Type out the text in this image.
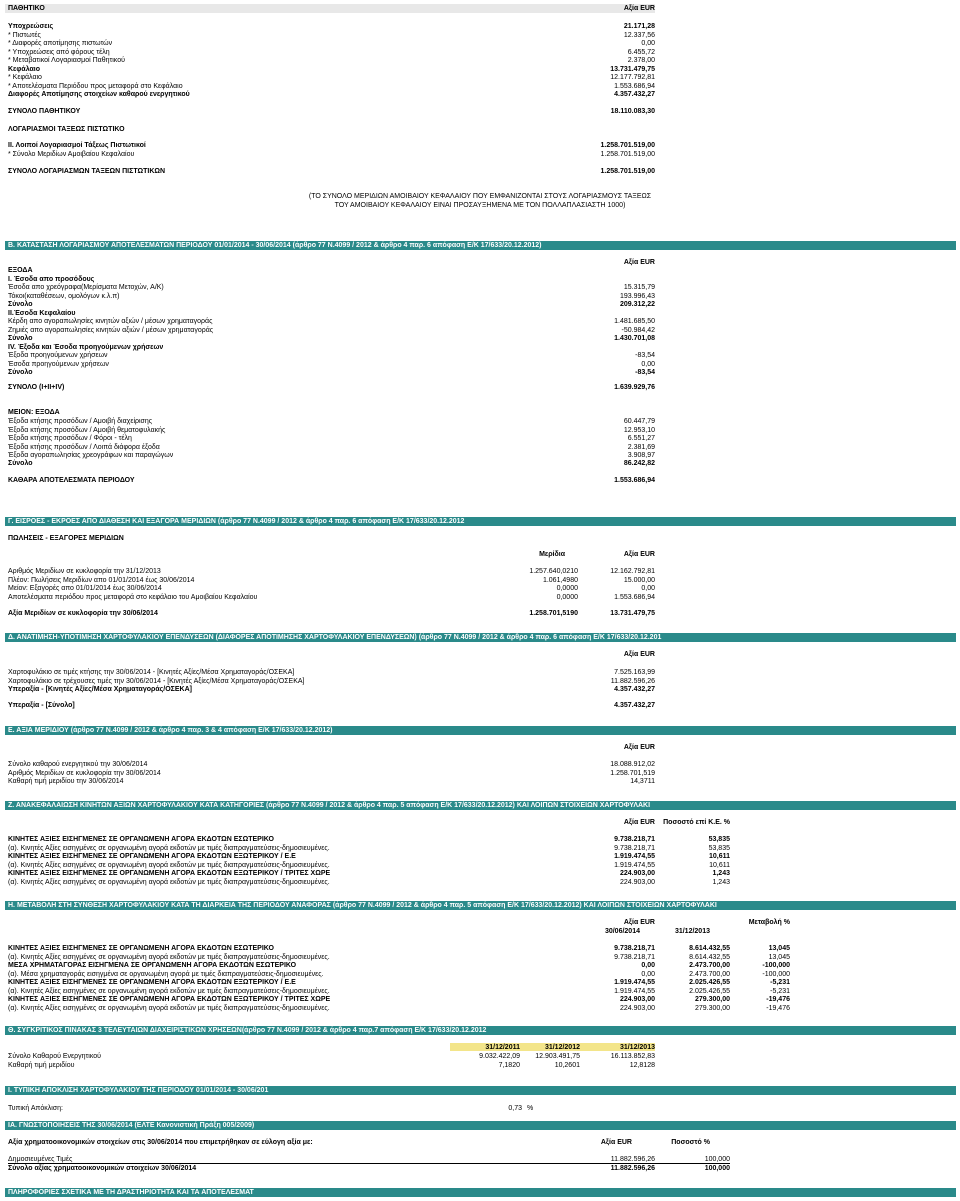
ΠΑΘΗΤΙΚΟ	Αξία EUR
Υποχρεώσεις	21.171,28
* Πιστωτές	12.337,56
* Διαφορές αποτίμησης πιστωτών	0,00
* Υποχρεώσεις από φόρους τέλη	6.455,72
* Μεταβατικοί Λογαριασμοί Παθητικού	2.378,00
Κεφάλαιο	13.731.479,75
* Κεφάλαιο	12.177.792,81
* Αποτελέσματα Περιόδου προς μεταφορά στο Κεφάλαιο	1.553.686,94
Διαφορές Αποτίμησης στοιχείων καθαρού ενεργητικού	4.357.432,27
ΣΥΝΟΛΟ ΠΑΘΗΤΙΚΟΥ	18.110.083,30
ΛΟΓΑΡΙΑΣΜΟΙ ΤΑΞΕΩΣ ΠΙΣΤΩΤΙΚΟ
ΙΙ. Λοιποί Λογαριασμοί Τάξεως Πιστωτικοί	1.258.701.519,00
* Σύνολο Μεριδίων Αμοιβαίου Κεφαλαίου	1.258.701.519,00
ΣΥΝΟΛΟ ΛΟΓΑΡΙΑΣΜΩΝ ΤΑΞΕΩΝ ΠΙΣΤΩΤΙΚΩΝ	1.258.701.519,00
(ΤΟ ΣΥΝΟΛΟ ΜΕΡΙΔΙΩΝ ΑΜΟΙΒΑΙΟΥ ΚΕΦΑΛΑΙΟΥ ΠΟΥ ΕΜΦΑΝΙΖΟΝΤΑΙ ΣΤΟΥΣ ΛΟΓΑΡΙΑΣΜΟΥΣ ΤΑΞΕΩΣ
ΤΟΥ ΑΜΟΙΒΑΙΟΥ ΚΕΦΑΛΑΙΟΥ ΕΙΝΑΙ ΠΡΟΣΑΥΞΗΜΕΝΑ ΜΕ ΤΟΝ ΠΟΛΛΑΠΛΑΣΙΑΣΤΗ 1000)
Β. ΚΑΤΑΣΤΑΣΗ ΛΟΓΑΡΙΑΣΜΟΥ ΑΠΟΤΕΛΕΣΜΑΤΩΝ ΠΕΡΙΟΔΟΥ 01/01/2014 - 30/06/2014 (άρθρο 77 Ν.4099 / 2012 & άρθρο 4 παρ. 6 απόφαση Ε/Κ 17/633/20.12.2012)
Αξία EUR
ΕΞΟΔΑ
Ι. Έσοδα απο προσόδους
Έσοδα απο χρεόγραφα(Μερίσματα Μετοχών, Α/Κ)	15.315,79
Τόκοι(καταθέσεων, ομολόγων κ.λ.π)	193.996,43
Σύνολο	209.312,22
ΙΙ.Έσοδα Κεφαλαίου
Κέρδη απο αγοραπωλησίες κινητών αξιών / μέσων χρηματαγοράς	1.481.685,50
Ζημιές απο αγοραπωλησίες κινητών αξιών / μέσων χρηματαγοράς	-50.984,42
Σύνολο	1.430.701,08
ΙV. Έξοδα και Έσοδα προηγούμενων χρήσεων
Έξοδα προηγούμενων χρήσεων	-83,54
Έσοδα προηγούμενων χρήσεων	0,00
Σύνολο	-83,54
ΣΥΝΟΛΟ (Ι+ΙΙ+ΙV)	1.639.929,76
ΜΕΙΟΝ: ΕΞΟΔΑ
Έξοδα κτήσης προσόδων / Αμοιβή διαχείρισης	60.447,79
Έξοδα κτήσης προσόδων / Αμοιβή θεματοφυλακής	12.953,10
Έξοδα κτήσης προσόδων / Φόροι - τέλη	6.551,27
Έξοδα κτήσης προσόδων / Λοιπά διάφορα έξοδα	2.381,69
Έξοδα αγοραπωλησίας χρεογράφων και παραγώγων	3.908,97
Σύνολο	86.242,82
ΚΑΘΑΡΑ ΑΠΟΤΕΛΕΣΜΑΤΑ ΠΕΡΙΟΔΟΥ	1.553.686,94
Γ. ΕΙΣΡΟΕΣ - ΕΚΡΟΕΣ ΑΠΟ ΔΙΑΘΕΣΗ ΚΑΙ ΕΞΑΓΟΡΑ ΜΕΡΙΔΙΩΝ (άρθρο 77 Ν.4099 / 2012 & άρθρο 4 παρ. 6 απόφαση Ε/Κ 17/633/20.12.2012
ΠΩΛΗΣΕΙΣ - ΕΞΑΓΟΡΕΣ ΜΕΡΙΔΙΩΝ
Μερίδια	Αξία EUR
Αριθμός Μεριδίων σε κυκλοφορία την 31/12/2013	1.257.640,0210	12.162.792,81
Πλέον: Πωλήσεις Μεριδίων απο 01/01/2014 έως 30/06/2014	1.061,4980	15.000,00
Μείον: Εξαγορές απο 01/01/2014 έως 30/06/2014	0,0000	0,00
Αποτελέσματα περιόδου προς μεταφορά στο κεφάλαιο του Αμοιβαίου Κεφαλαίου	0,0000	1.553.686,94
Αξία Μεριδίων σε κυκλοφορία την 30/06/2014	1.258.701,5190	13.731.479,75
Δ. ΑΝΑΤΙΜΗΣΗ-ΥΠΟΤΙΜΗΣΗ ΧΑΡΤΟΦΥΛΑΚΙΟΥ ΕΠΕΝΔΥΣΕΩΝ (ΔΙΑΦΟΡΕΣ ΑΠΟΤΙΜΗΣΗΣ ΧΑΡΤΟΦΥΛΑΚΙΟΥ ΕΠΕΝΔΥΣΕΩΝ) (άρθρο 77 Ν.4099 / 2012 & άρθρο 4 παρ. 6 απόφαση Ε/Κ 17/633/20.12.201
Αξία EUR
Χαρτοφυλάκιο σε τιμές κτήσης την 30/06/2014 - [Κινητές Αξίες/Μέσα Χρηματαγοράς/ΟΣΕΚΑ]	7.525.163,99
Χαρτοφυλάκιο σε τρέχουσες τιμές την 30/06/2014 - [Κινητές Αξίες/Μέσα Χρηματαγοράς/ΟΣΕΚΑ]	11.882.596,26
Υπεραξία - [Κινητές Αξίες/Μέσα Χρηματαγοράς/ΟΣΕΚΑ]	4.357.432,27
Υπεραξία - [Σύνολο]	4.357.432,27
Ε. ΑΞΙΑ ΜΕΡΙΔΙΟΥ (άρθρο 77 Ν.4099 / 2012 & άρθρο 4 παρ. 3 & 4 απόφαση Ε/Κ 17/633/20.12.2012)
Αξία EUR
Σύνολο καθαρού ενεργητικού την 30/06/2014	18.088.912,02
Αριθμός Μεριδίων σε κυκλοφορία την 30/06/2014	1.258.701,519
Καθαρή τιμή μεριδίου την 30/06/2014	14,3711
Ζ. ΑΝΑΚΕΦΑΛΑΙΩΣΗ ΚΙΝΗΤΩΝ ΑΞΙΩΝ ΧΑΡΤΟΦΥΛΑΚΙΟΥ ΚΑΤΑ ΚΑΤΗΓΟΡΙΕΣ (άρθρο 77 Ν.4099 / 2012 & άρθρο 4 παρ. 5 απόφαση Ε/Κ 17/633/20.12.2012) ΚΑΙ ΛΟΙΠΩΝ ΣΤΟΙΧΕΙΩΝ ΧΑΡΤΟΦΥΛΑΚΙ
Αξία EUR	Ποσοστό επί Κ.Ε. %
ΚΙΝΗΤΕΣ ΑΞΙΕΣ ΕΙΣΗΓΜΕΝΕΣ ΣΕ ΟΡΓΑΝΩΜΕΝΗ ΑΓΟΡΑ ΕΚΔΟΤΩΝ ΕΣΩΤΕΡΙΚΟ	9.738.218,71	53,835
(α). Κινητές Αξίες εισηγμένες σε οργανωμένη αγορά εκδοτών με τιμές διαπραγματεύσεις-δημοσιευμένες.	9.738.218,71	53,835
ΚΙΝΗΤΕΣ ΑΞΙΕΣ ΕΙΣΗΓΜΕΝΕΣ ΣΕ ΟΡΓΑΝΩΜΕΝΗ ΑΓΟΡΑ ΕΚΔΟΤΩΝ ΕΞΩΤΕΡΙΚΟΥ / Ε.Ε	1.919.474,55	10,611
(α). Κινητές Αξίες εισηγμένες σε οργανωμένη αγορά εκδοτών με τιμές διαπραγματεύσεις-δημοσιευμένες.	1.919.474,55	10,611
ΚΙΝΗΤΕΣ ΑΞΙΕΣ ΕΙΣΗΓΜΕΝΕΣ ΣΕ ΟΡΓΑΝΩΜΕΝΗ ΑΓΟΡΑ ΕΚΔΟΤΩΝ ΕΞΩΤΕΡΙΚΟΥ / ΤΡΙΤΕΣ ΧΩΡΕ	224.903,00	1,243
(α). Κινητές Αξίες εισηγμένες σε οργανωμένη αγορά εκδοτών με τιμές διαπραγματεύσεις-δημοσιευμένες.	224.903,00	1,243
Η. ΜΕΤΑΒΟΛΗ ΣΤΗ ΣΥΝΘΕΣΗ ΧΑΡΤΟΦΥΛΑΚΙΟΥ ΚΑΤΑ ΤΗ ΔΙΑΡΚΕΙΑ ΤΗΣ ΠΕΡΙΟΔΟΥ ΑΝΑΦΟΡΑΣ (άρθρο 77 Ν.4099 / 2012 & άρθρο 4 παρ. 5 απόφαση Ε/Κ 17/633/20.12.2012) ΚΑΙ ΛΟΙΠΩΝ ΣΤΟΙΧΕΙΩΝ ΧΑΡΤΟΦΥΛΑΚΙ
Αξία EUR	Μεταβολή %
30/06/2014	31/12/2013
ΚΙΝΗΤΕΣ ΑΞΙΕΣ ΕΙΣΗΓΜΕΝΕΣ ΣΕ ΟΡΓΑΝΩΜΕΝΗ ΑΓΟΡΑ ΕΚΔΟΤΩΝ ΕΣΩΤΕΡΙΚΟ	9.738.218,71	8.614.432,55	13,045
(α). Κινητές Αξίες εισηγμένες σε οργανωμένη αγορά εκδοτών με τιμές διαπραγματεύσεις-δημοσιευμένες.	9.738.218,71	8.614.432,55	13,045
ΜΕΣΑ ΧΡΗΜΑΤΑΓΟΡΑΣ ΕΙΣΗΓΜΕΝΑ ΣΕ ΟΡΓΑΝΩΜΕΝΗ ΑΓΟΡΑ ΕΚΔΟΤΩΝ ΕΣΩΤΕΡΙΚΟ	0,00	2.473.700,00	-100,000
(α). Μέσα χρηματαγοράς εισηγμένα σε οργανωμένη αγορά με τιμές διαπραγματεύσεις-δημοσιευμένες.	0,00	2.473.700,00	-100,000
ΚΙΝΗΤΕΣ ΑΞΙΕΣ ΕΙΣΗΓΜΕΝΕΣ ΣΕ ΟΡΓΑΝΩΜΕΝΗ ΑΓΟΡΑ ΕΚΔΟΤΩΝ ΕΞΩΤΕΡΙΚΟΥ / Ε.Ε	1.919.474,55	2.025.426,55	-5,231
(α). Κινητές Αξίες εισηγμένες σε οργανωμένη αγορά εκδοτών με τιμές διαπραγματεύσεις-δημοσιευμένες.	1.919.474,55	2.025.426,55	-5,231
ΚΙΝΗΤΕΣ ΑΞΙΕΣ ΕΙΣΗΓΜΕΝΕΣ ΣΕ ΟΡΓΑΝΩΜΕΝΗ ΑΓΟΡΑ ΕΚΔΟΤΩΝ ΕΞΩΤΕΡΙΚΟΥ / ΤΡΙΤΕΣ ΧΩΡΕ	224.903,00	279.300,00	-19,476
(α). Κινητές Αξίες εισηγμένες σε οργανωμένη αγορά εκδοτών με τιμές διαπραγματεύσεις-δημοσιευμένες.	224.903,00	279.300,00	-19,476
Θ. ΣΥΓΚΡΙΤΙΚΟΣ ΠΙΝΑΚΑΣ 3 ΤΕΛΕΥΤΑΙΩΝ ΔΙΑΧΕΙΡΙΣΤΙΚΩΝ ΧΡΗΣΕΩΝ(άρθρο 77 Ν.4099 / 2012 & άρθρο 4 παρ.7 απόφαση Ε/Κ 17/633/20.12.2012
31/12/2011	31/12/2012	31/12/2013
Σύνολο Καθαρού Ενεργητικού	9.032.422,09	12.903.491,75	16.113.852,83
Καθαρή τιμή μεριδίου	7,1820	10,2601	12,8128
Ι. ΤΥΠΙΚΗ ΑΠΟΚΛΙΣΗ ΧΑΡΤΟΦΥΛΑΚΙΟΥ ΤΗΣ ΠΕΡΙΟΔΟΥ 01/01/2014 - 30/06/201
Τυπική Απόκλιση:	0,73 %
ΙΑ. ΓΝΩΣΤΟΠΟΙΗΣΕΙΣ ΤΗΣ 30/06/2014 (ΕΛΤΕ Κανονιστική Πράξη 005/2009)
Αξία χρηματοοικονομικών στοιχείων στις 30/06/2014 που επιμετρήθηκαν σε εύλογη αξία με:	Αξία EUR	Ποσοστό %
Δημοσιευμένες Τιμές	11.882.596,26	100,000
Σύνολο αξίας χρηματοοικονομικών στοιχείων 30/06/2014	11.882.596,26	100,000
ΠΛΗΡΟΦΟΡΙΕΣ ΣΧΕΤΙΚΑ ΜΕ ΤΗ ΔΡΑΣΤΗΡΙΟΤΗΤΑ ΚΑΙ ΤΑ ΑΠΟΤΕΛΕΣΜΑΤ
